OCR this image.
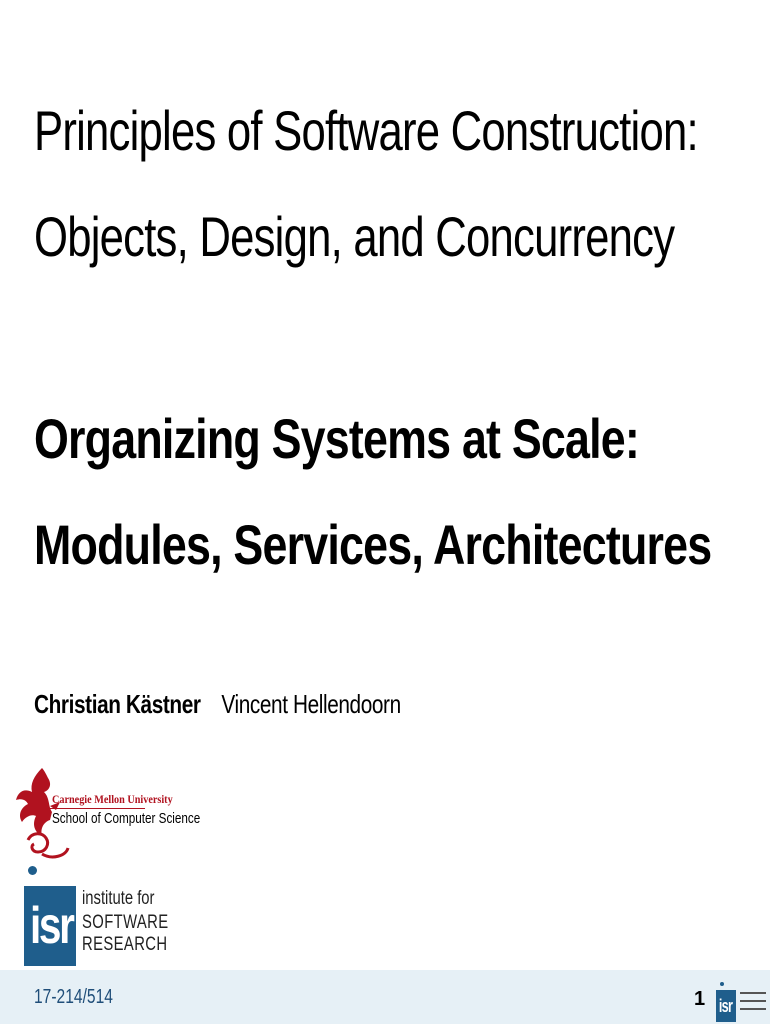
Principles of Software Construction:
Objects, Design, and Concurrency
Organizing Systems at Scale:
Modules, Services, Architectures
Christian Kästner Vincent Hellendoorn
Carnegie Mellon University
School of Computer Science
isr institute for
SOFTWARE
RESEARCH
17-214/514	1 isr
